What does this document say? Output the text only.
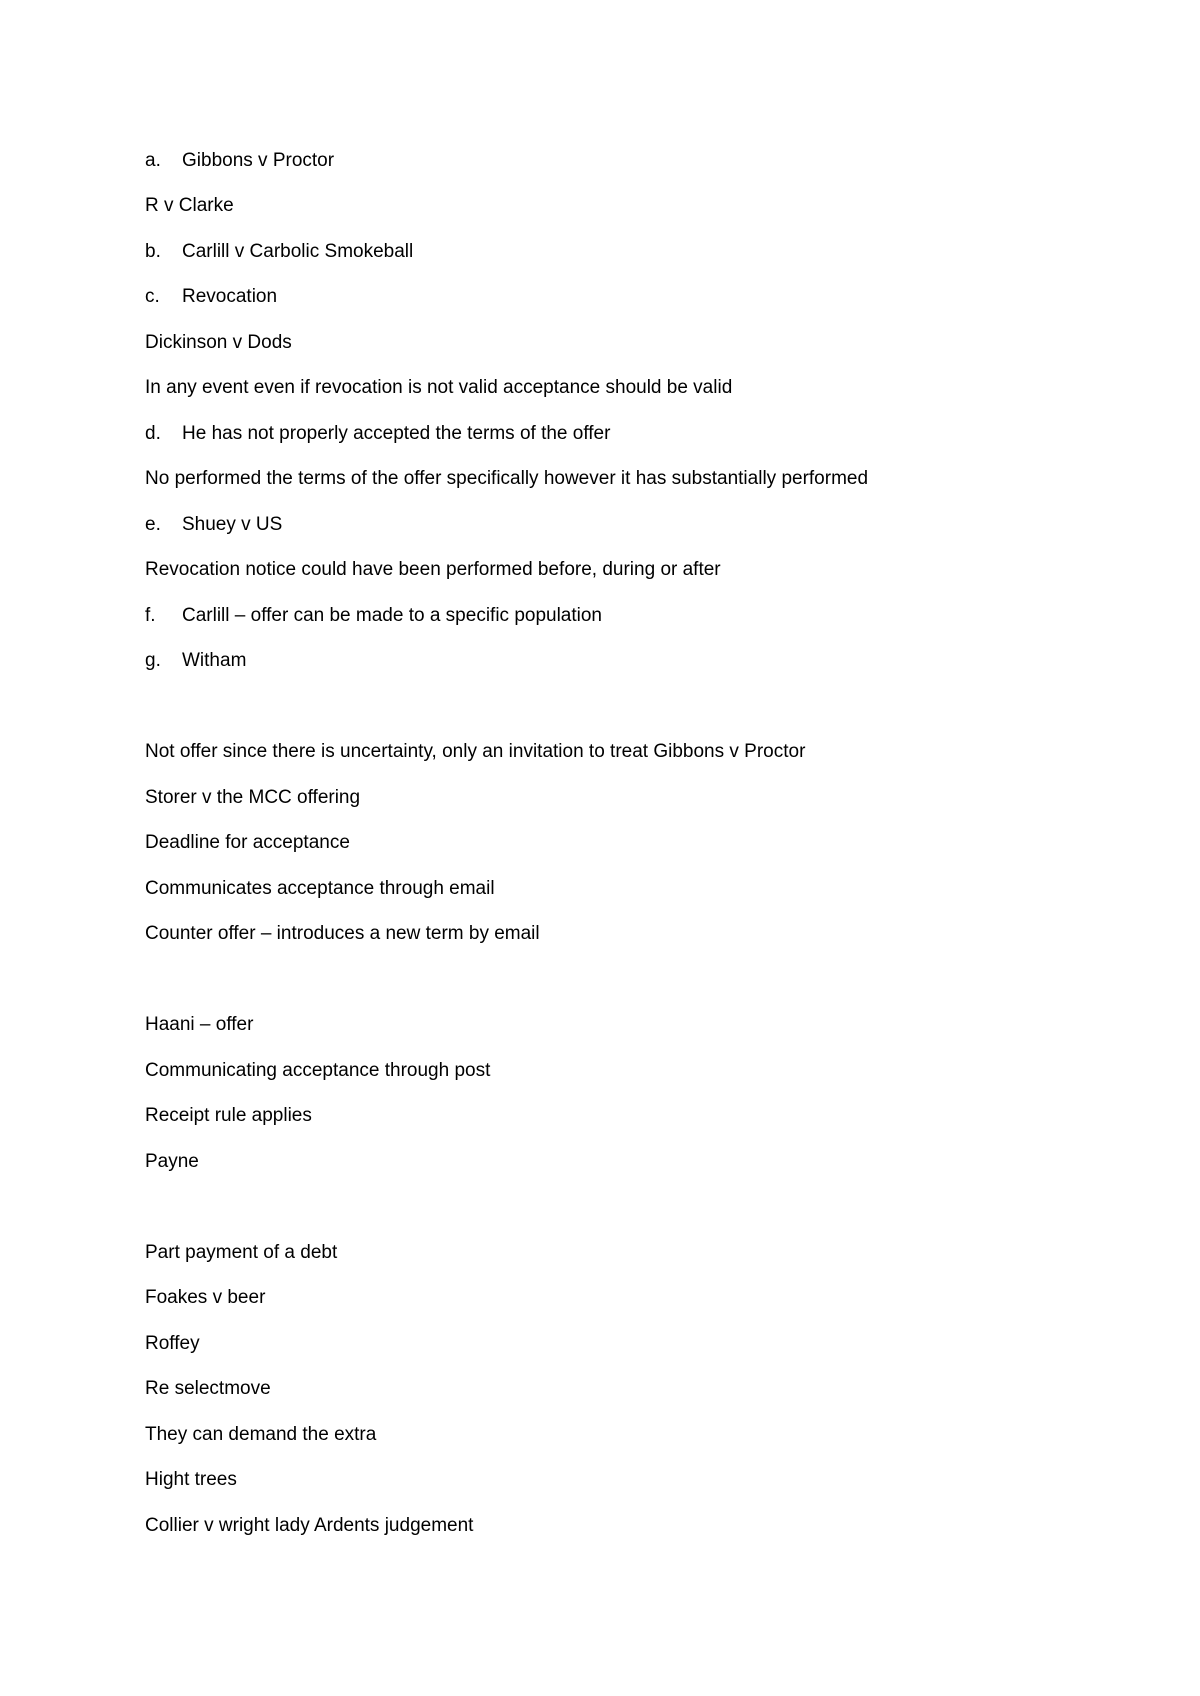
a. Gibbons v Proctor
R v Clarke
b. Carlill v Carbolic Smokeball
c. Revocation
Dickinson v Dods
In any event even if revocation is not valid acceptance should be valid
d. He has not properly accepted the terms of the offer
No performed the terms of the offer specifically however it has substantially performed
e. Shuey v US
Revocation notice could have been performed before, during or after
f. Carlill – offer can be made to a specific population
g. Witham
Not offer since there is uncertainty, only an invitation to treat Gibbons v Proctor
Storer v the MCC offering
Deadline for acceptance
Communicates acceptance through email
Counter offer – introduces a new term by email
Haani – offer
Communicating acceptance through post
Receipt rule applies
Payne
Part payment of a debt
Foakes v beer
Roffey
Re selectmove
They can demand the extra
Hight trees
Collier v wright lady Ardents judgement
